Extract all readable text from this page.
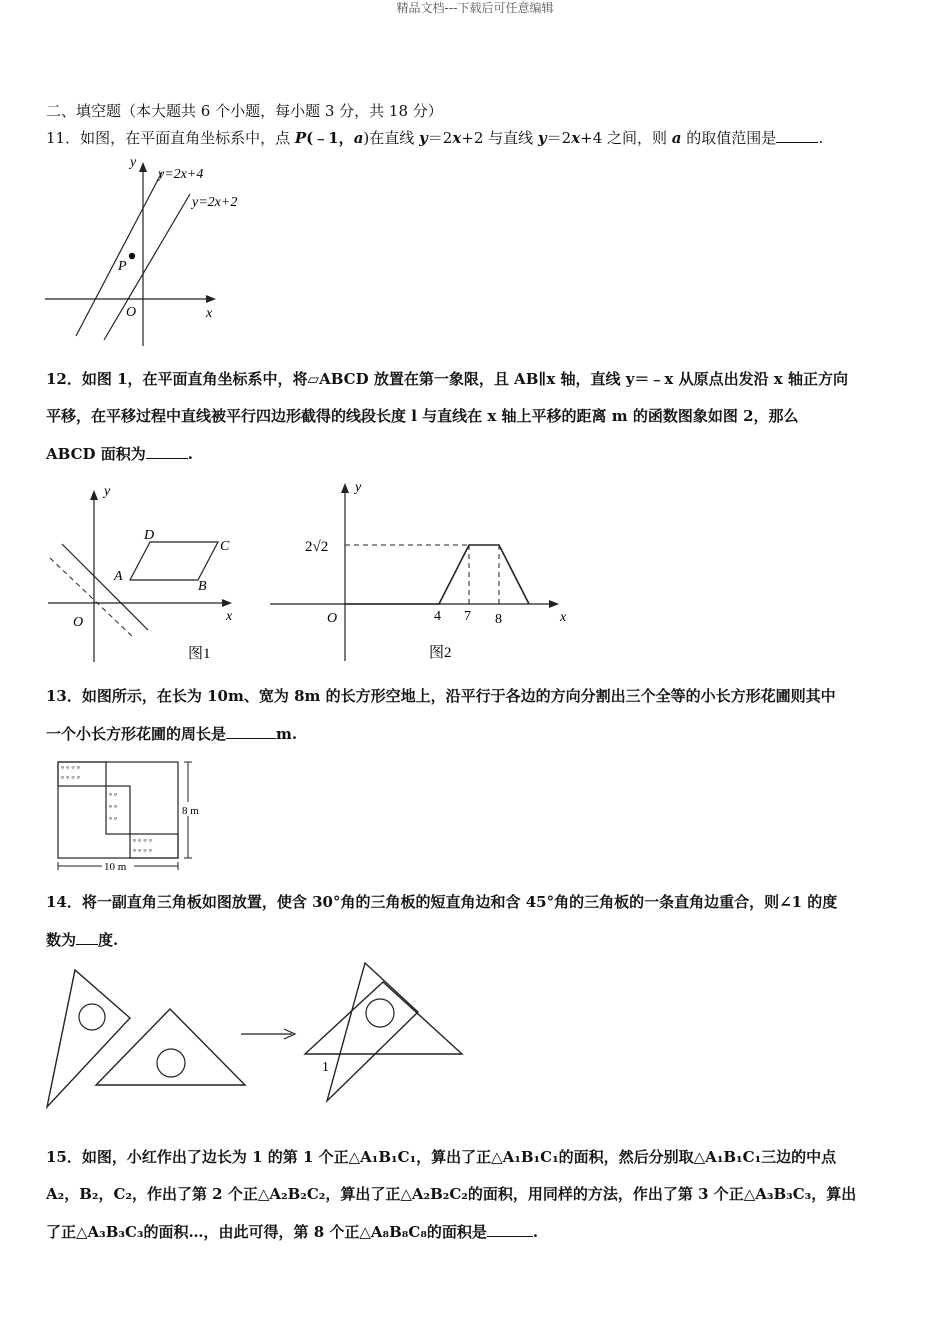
精品文档---下载后可任意编辑
二、填空题（本大题共 6 个小题，每小题 3 分，共 18 分）
11．如图，在平面直角坐标系中，点 P(﹣1，a)在直线 y＝2x+2 与直线 y＝2x+4 之间，则 a 的取值范围是	.
y
x
O
P
y=2x+4
y=2x+2
12．如图 1，在平面直角坐标系中，将▱ABCD 放置在第一象限，且 AB∥x 轴，直线 y＝﹣x 从原点出发沿 x 轴正方向
平移，在平移过程中直线被平行四边形截得的线段长度 l 与直线在 x 轴上平移的距离 m 的函数图象如图 2，那么
ABCD 面积为	.
y
x
O
A
B
C
D
图1
y
x
O
2√2
4 7 8
图2
13．如图所示，在长为 10m、宽为 8m 的长方形空地上，沿平行于各边的方向分割出三个全等的小长方形花圃则其中
一个小长方形花圃的周长是	m.
ᵠ ᵠ ᵠ ᵠ
ᵠ ᵠ ᵠ ᵠ
ᵠ ᵠ
ᵠ ᵠ
ᵠ ᵠ
ᵠ ᵠ ᵠ ᵠ
ᵠ ᵠ ᵠ ᵠ
8 m
10 m
14．将一副直角三角板如图放置，使含 30°角的三角板的短直角边和含 45°角的三角板的一条直角边重合，则∠1 的度
数为 度.
1
15．如图，小红作出了边长为 1 的第 1 个正△A₁B₁C₁，算出了正△A₁B₁C₁的面积，然后分别取△A₁B₁C₁三边的中点
A₂，B₂，C₂，作出了第 2 个正△A₂B₂C₂，算出了正△A₂B₂C₂的面积，用同样的方法，作出了第 3 个正△A₃B₃C₃，算出
了正△A₃B₃C₃的面积…，由此可得，第 8 个正△A₈B₈C₈的面积是	.
